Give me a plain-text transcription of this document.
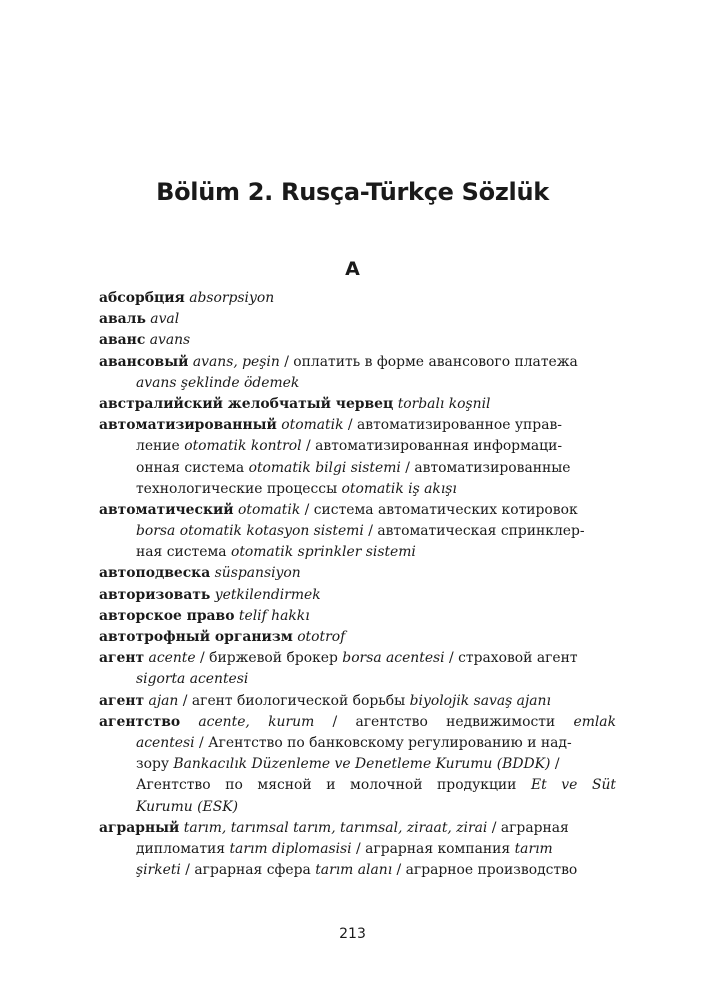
Bölüm 2. Rusça-Türkçe Sözlük
А
абсорбция absorpsiyon
аваль aval
аванс avans
авансовый avans, peşin / оплатить в форме авансового платежа
avans şeklinde ödemek
австралийский желобчатый червец torbalı koşnil
автоматизированный otomatik / автоматизированное управ-
ление otomatik kontrol / автоматизированная информаци-
онная система otomatik bilgi sistemi / автоматизированные
технологические процессы otomatik iş akışı
автоматический otomatik / система автоматических котировок
borsa otomatik kotasyon sistemi / автоматическая спринклер-
ная система otomatik sprinkler sistemi
автоподвеска süspansiyon
авторизовать yetkilendirmek
авторское право telif hakkı
автотрофный организм ototrof
агент acente / биржевой брокер borsa acentesi / страховой агент
sigorta acentesi
агент ajan / агент биологической борьбы biyolojik savaş ajanı
агентство acente, kurum / агентство недвижимости emlak
acentesi / Агентство по банковскому регулированию и над-
зору Bankacılık Düzenleme ve Denetleme Kurumu (BDDK) /
Агентство по мясной и молочной продукции Et ve Süt
Kurumu (ESK)
аграрный tarım, tarımsal tarım, tarımsal, ziraat, zirai / аграрная
дипломатия tarım diplomasisi / аграрная компания tarım
şirketi / аграрная сфера tarım alanı / аграрное производство
213
